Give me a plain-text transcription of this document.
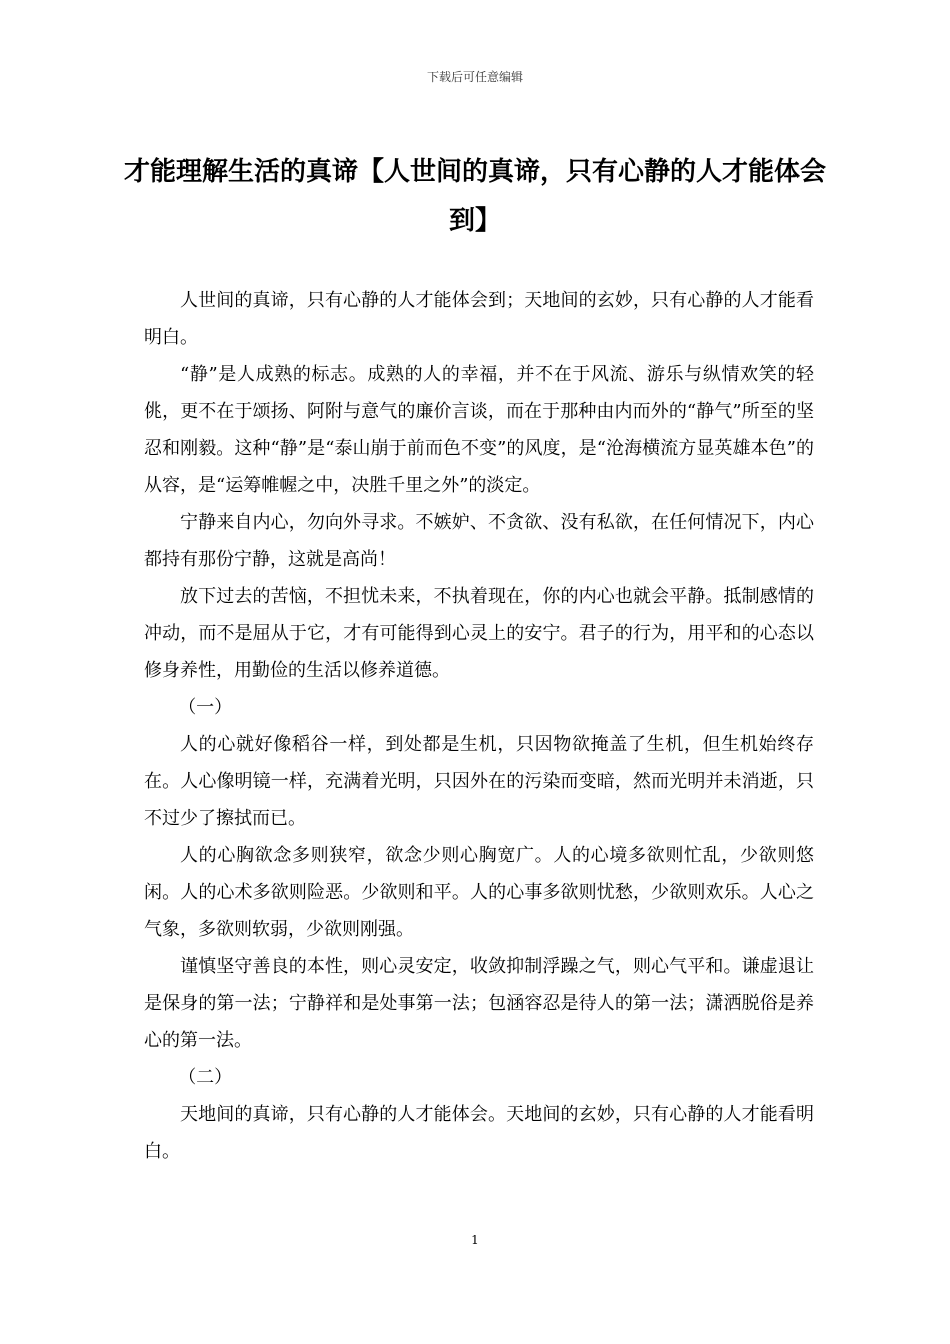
下载后可任意编辑
才能理解生活的真谛【人世间的真谛，只有心静的人才能体会到】

人世间的真谛，只有心静的人才能体会到；天地间的玄妙，只有心静的人才能看明白。

“静”是人成熟的标志。成熟的人的幸福，并不在于风流、游乐与纵情欢笑的轻佻，更不在于颂扬、阿附与意气的廉价言谈，而在于那种由内而外的“静气”所至的坚忍和刚毅。这种“静”是“泰山崩于前而色不变”的风度，是“沧海横流方显英雄本色”的从容，是“运筹帷幄之中，决胜千里之外”的淡定。

宁静来自内心，勿向外寻求。不嫉妒、不贪欲、没有私欲，在任何情况下，内心都持有那份宁静，这就是高尚！

放下过去的苦恼，不担忧未来，不执着现在，你的内心也就会平静。抵制感情的冲动，而不是屈从于它，才有可能得到心灵上的安宁。君子的行为，用平和的心态以修身养性，用勤俭的生活以修养道德。

（一）

人的心就好像稻谷一样，到处都是生机，只因物欲掩盖了生机，但生机始终存在。人心像明镜一样，充满着光明，只因外在的污染而变暗，然而光明并未消逝，只不过少了擦拭而已。

人的心胸欲念多则狭窄，欲念少则心胸宽广。人的心境多欲则忙乱，少欲则悠闲。人的心术多欲则险恶。少欲则和平。人的心事多欲则忧愁，少欲则欢乐。人心之气象，多欲则软弱，少欲则刚强。

谨慎坚守善良的本性，则心灵安定，收敛抑制浮躁之气，则心气平和。谦虚退让是保身的第一法；宁静祥和是处事第一法；包涵容忍是待人的第一法；潇洒脱俗是养心的第一法。

（二）

天地间的真谛，只有心静的人才能体会。天地间的玄妙，只有心静的人才能看明白。

1
